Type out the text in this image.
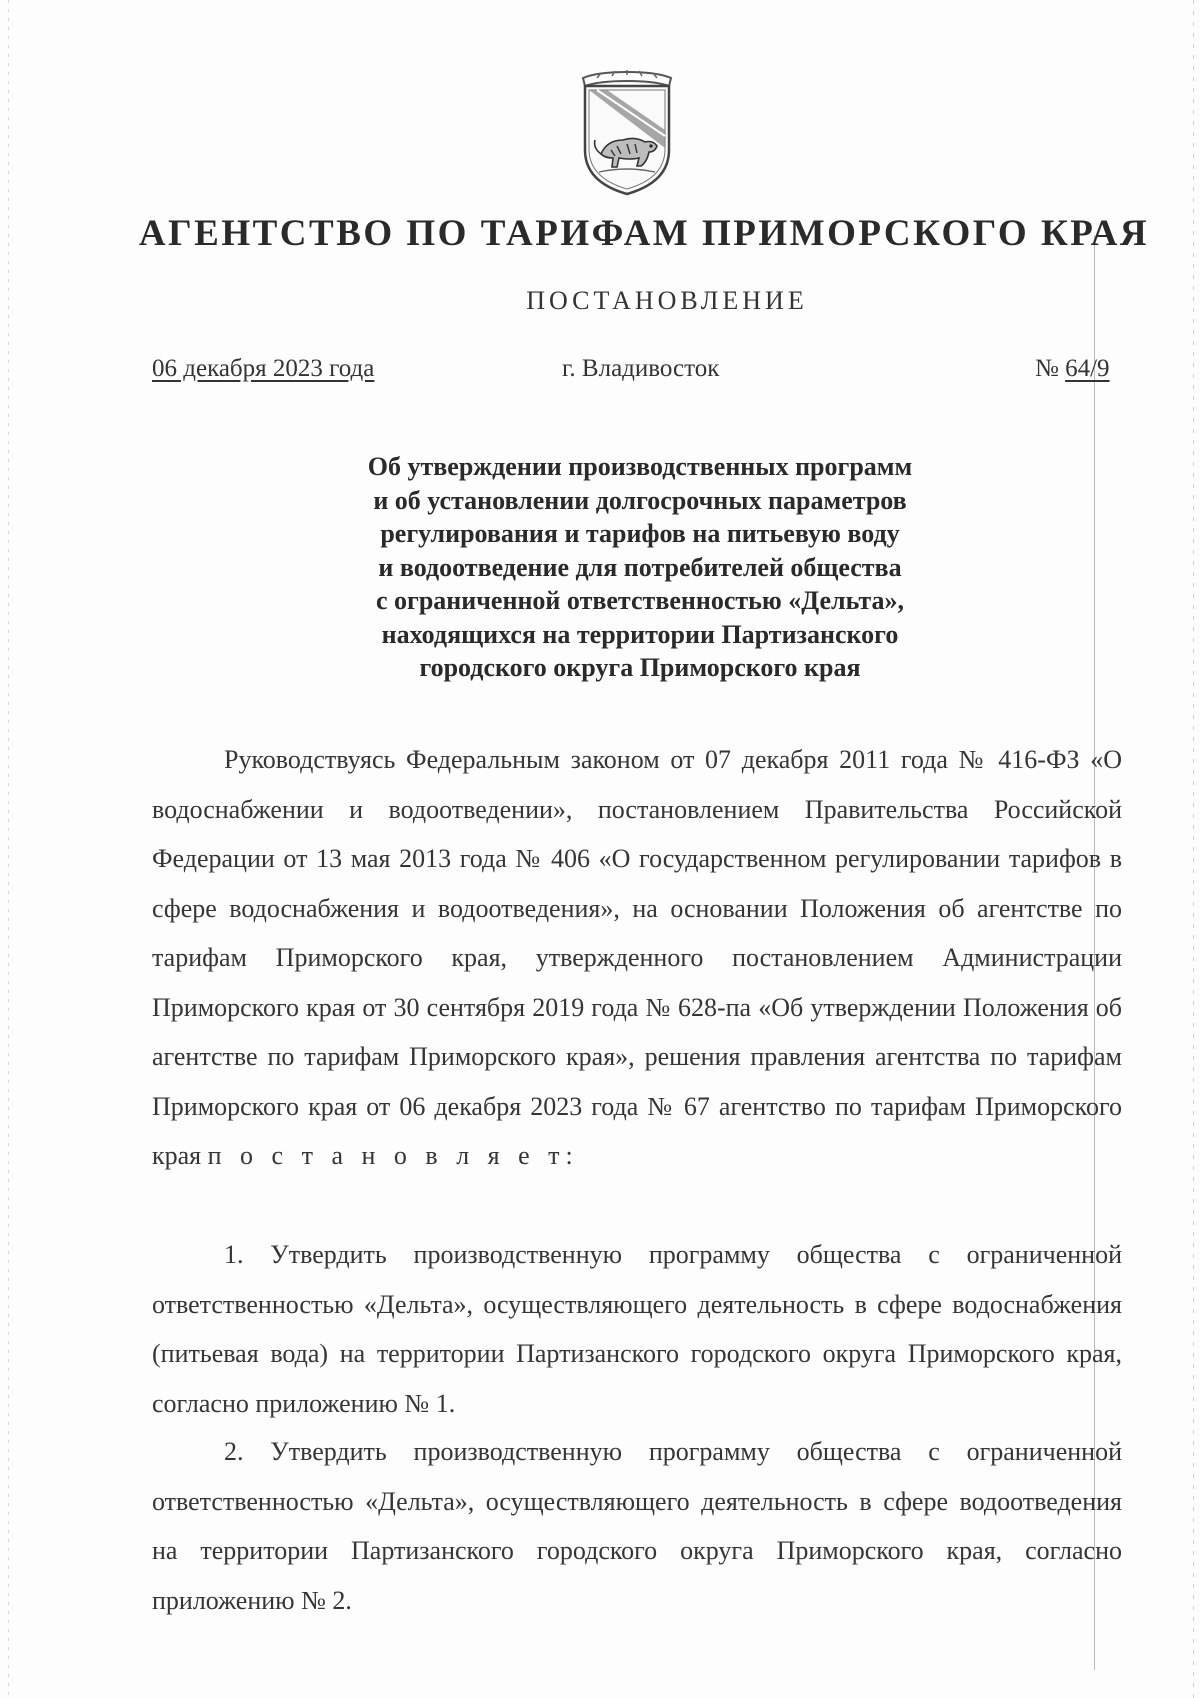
АГЕНТСТВО ПО ТАРИФАМ ПРИМОРСКОГО КРАЯ
ПОСТАНОВЛЕНИЕ
06 декабря 2023 года	г. Владивосток	№ 64/9
Об утверждении производственных программ
и об установлении долгосрочных параметров
регулирования и тарифов на питьевую воду
и водоотведение для потребителей общества
с ограниченной ответственностью «Дельта»,
находящихся на территории Партизанского
городского округа Приморского края

Руководствуясь Федеральным законом от 07 декабря 2011 года № 416-ФЗ «О водоснабжении и водоотведении», постановлением Правительства Российской Федерации от 13 мая 2013 года № 406 «О государственном регулировании тарифов в сфере водоснабжения и водоотведения», на основании Положения об агентстве по тарифам Приморского края, утвержденного постановлением Администрации Приморского края от 30 сентября 2019 года № 628-па «Об утверждении Положения об агентстве по тарифам Приморского края», решения правления агентства по тарифам Приморского края от 06 декабря 2023 года № 67 агентство по тарифам Приморского края п о с т а н о в л я е т:

1. Утвердить производственную программу общества с ограниченной ответственностью «Дельта», осуществляющего деятельность в сфере водоснабжения (питьевая вода) на территории Партизанского городского округа Приморского края, согласно приложению № 1.

2. Утвердить производственную программу общества с ограниченной ответственностью «Дельта», осуществляющего деятельность в сфере водоотведения на территории Партизанского городского округа Приморского края, согласно приложению № 2.
